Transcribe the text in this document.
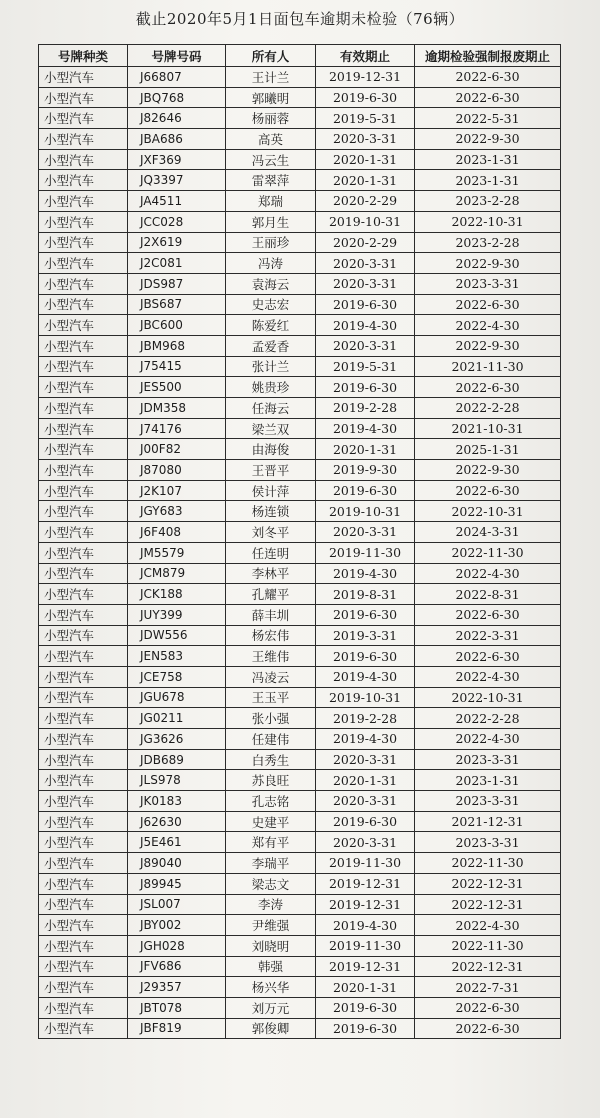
截止2020年5月1日面包车逾期未检验（76辆）
号牌种类	号牌号码	所有人	有效期止	逾期检验强制报废期止
小型汽车	J66807	王计兰	2019-12-31	2022-6-30
小型汽车	JBQ768	郭曦明	2019-6-30	2022-6-30
小型汽车	J82646	杨丽蓉	2019-5-31	2022-5-31
小型汽车	JBA686	高英	2020-3-31	2022-9-30
小型汽车	JXF369	冯云生	2020-1-31	2023-1-31
小型汽车	JQ3397	雷翠萍	2020-1-31	2023-1-31
小型汽车	JA4511	郑瑞	2020-2-29	2023-2-28
小型汽车	JCC028	郭月生	2019-10-31	2022-10-31
小型汽车	J2X619	王丽珍	2020-2-29	2023-2-28
小型汽车	J2C081	冯涛	2020-3-31	2022-9-30
小型汽车	JDS987	袁海云	2020-3-31	2023-3-31
小型汽车	JBS687	史志宏	2019-6-30	2022-6-30
小型汽车	JBC600	陈爱红	2019-4-30	2022-4-30
小型汽车	JBM968	孟爱香	2020-3-31	2022-9-30
小型汽车	J75415	张计兰	2019-5-31	2021-11-30
小型汽车	JES500	姚贵珍	2019-6-30	2022-6-30
小型汽车	JDM358	任海云	2019-2-28	2022-2-28
小型汽车	J74176	梁兰双	2019-4-30	2021-10-31
小型汽车	J00F82	由海俊	2020-1-31	2025-1-31
小型汽车	J87080	王晋平	2019-9-30	2022-9-30
小型汽车	J2K107	侯计萍	2019-6-30	2022-6-30
小型汽车	JGY683	杨连锁	2019-10-31	2022-10-31
小型汽车	J6F408	刘冬平	2020-3-31	2024-3-31
小型汽车	JM5579	任连明	2019-11-30	2022-11-30
小型汽车	JCM879	李林平	2019-4-30	2022-4-30
小型汽车	JCK188	孔耀平	2019-8-31	2022-8-31
小型汽车	JUY399	薛丰圳	2019-6-30	2022-6-30
小型汽车	JDW556	杨宏伟	2019-3-31	2022-3-31
小型汽车	JEN583	王维伟	2019-6-30	2022-6-30
小型汽车	JCE758	冯凌云	2019-4-30	2022-4-30
小型汽车	JGU678	王玉平	2019-10-31	2022-10-31
小型汽车	JG0211	张小强	2019-2-28	2022-2-28
小型汽车	JG3626	任建伟	2019-4-30	2022-4-30
小型汽车	JDB689	白秀生	2020-3-31	2023-3-31
小型汽车	JLS978	苏良旺	2020-1-31	2023-1-31
小型汽车	JK0183	孔志铭	2020-3-31	2023-3-31
小型汽车	J62630	史建平	2019-6-30	2021-12-31
小型汽车	J5E461	郑有平	2020-3-31	2023-3-31
小型汽车	J89040	李瑞平	2019-11-30	2022-11-30
小型汽车	J89945	梁志文	2019-12-31	2022-12-31
小型汽车	JSL007	李涛	2019-12-31	2022-12-31
小型汽车	JBY002	尹维强	2019-4-30	2022-4-30
小型汽车	JGH028	刘晓明	2019-11-30	2022-11-30
小型汽车	JFV686	韩强	2019-12-31	2022-12-31
小型汽车	J29357	杨兴华	2020-1-31	2022-7-31
小型汽车	JBT078	刘万元	2019-6-30	2022-6-30
小型汽车	JBF819	郭俊卿	2019-6-30	2022-6-30
